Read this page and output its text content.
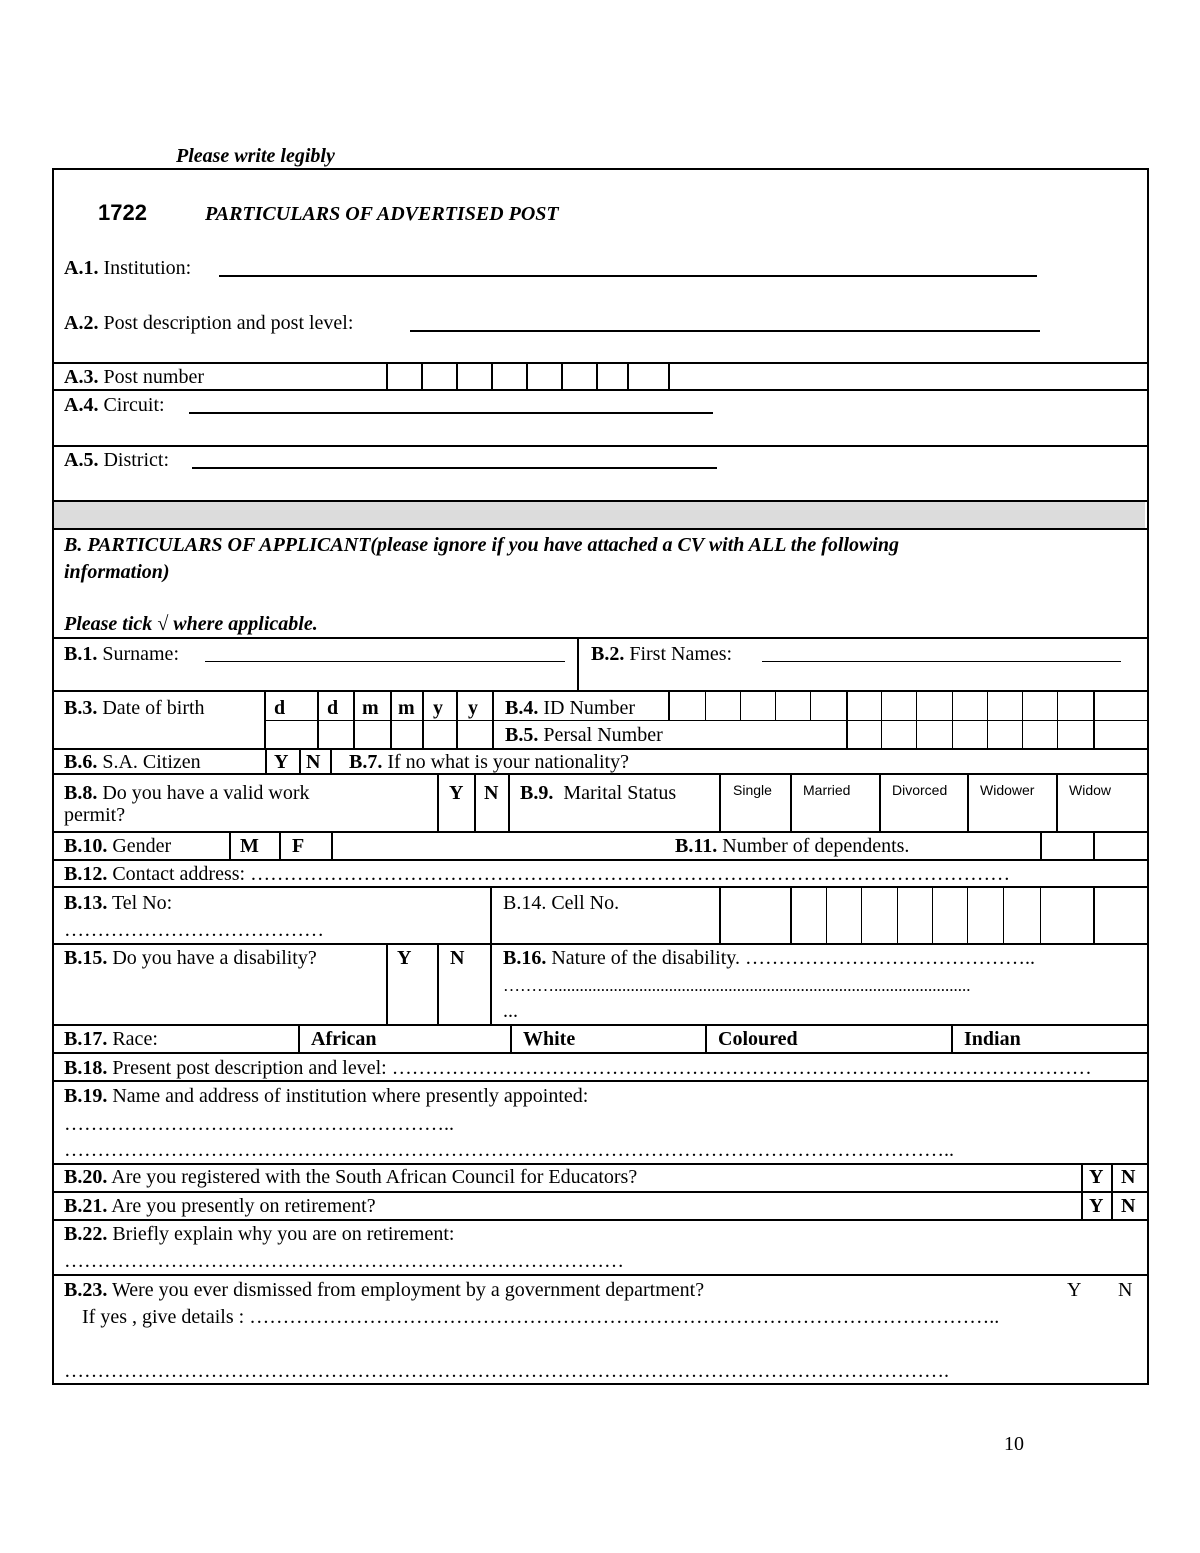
Please write legibly
1722	PARTICULARS OF ADVERTISED POST
A.1. Institution:
A.2. Post description and post level:
A.3. Post number
A.4. Circuit:
A.5. District:
B. PARTICULARS OF APPLICANT(please ignore if you have attached a CV with ALL the following
information)
Please tick √ where applicable.
B.1. Surname:	B.2. First Names:
B.3. Date of birth	d d m m y y B.4. ID Number
B.5. Persal Number
B.6. S.A. Citizen	Y N B.7. If no what is your nationality?
B.8. Do you have a valid work
permit?
Y N B.9. Marital Status	Single Married	Divorced Widower Widow
B.10. Gender	M F	B.11. Number of dependents.
B.12. Contact address: ……………………………………………………………………………………………………
B.13. Tel No:
…………………………………
B.14. Cell No.
B.15. Do you have a disability?	Y N B.16. Nature of the disability. ……………………………………..
………..................................................................................................
...
B.17. Race:	African	White	Coloured	Indian
B.18. Present post description and level: ……………………………………………………………………………………………
B.19. Name and address of institution where presently appointed:
…………………………………………………..
……………………………………………………………………………………………………………………..
B.20. Are you registered with the South African Council for Educators?	Y N
B.21. Are you presently on retirement?	Y N
B.22. Briefly explain why you are on retirement:
…………………………………………………………………………
B.23. Were you ever dismissed from employment by a government department?	Y N
If yes , give details : …………………………………………………………………………………………………..
…………………………………………………………………………………………………………………….
10
